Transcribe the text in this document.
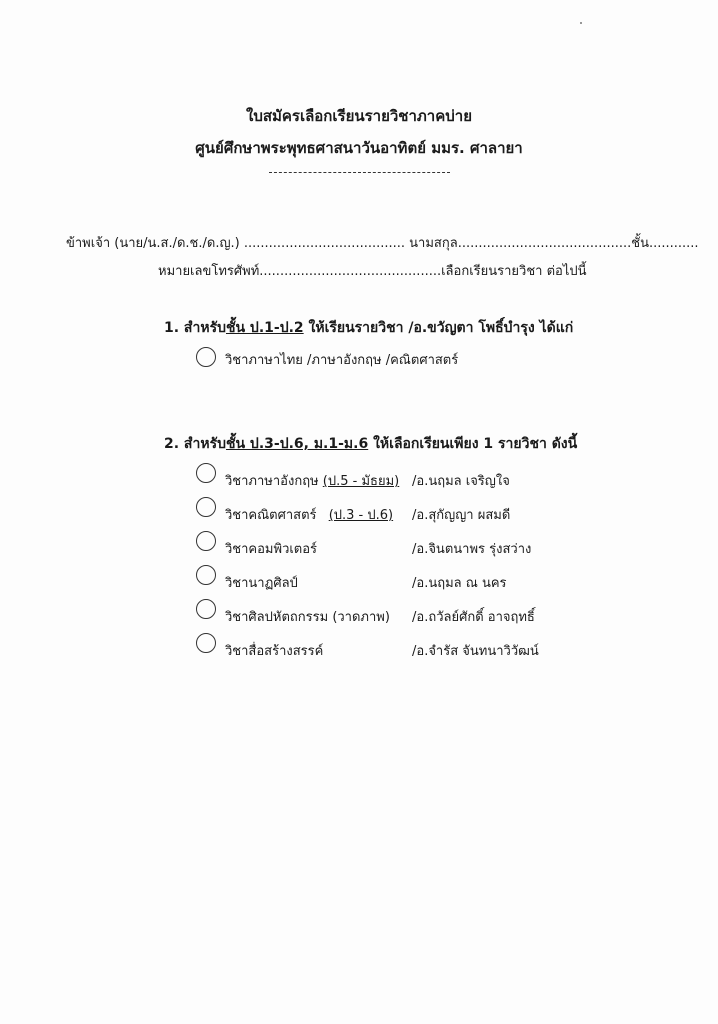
ใบสมัครเลือกเรียนรายวิชาภาคบ่าย
ศูนย์ศึกษาพระพุทธศาสนาวันอาทิตย์ มมร. ศาลายา
ข้าพเจ้า (นาย/น.ส./ด.ช./ด.ญ.) ....................................... นามสกุล..........................................ชั้น............
หมายเลขโทรศัพท์............................................เลือกเรียนรายวิชา ต่อไปนี้
1. สำหรับชั้น ป.1-ป.2 ให้เรียนรายวิชา /อ.ขวัญตา โพธิ์บำรุง ได้แก่
วิชาภาษาไทย /ภาษาอังกฤษ /คณิตศาสตร์
2. สำหรับชั้น ป.3-ป.6, ม.1-ม.6 ให้เลือกเรียนเพียง 1 รายวิชา ดังนี้
วิชาภาษาอังกฤษ (ป.5 - มัธยม) /อ.นฤมล เจริญใจ
วิชาคณิตศาสตร์ (ป.3 - ป.6) /อ.สุกัญญา ผสมดี
วิชาคอมพิวเตอร์	/อ.จินตนาพร รุ่งสว่าง
วิชานาฏศิลป์	/อ.นฤมล ณ นคร
วิชาศิลปหัตถกรรม (วาดภาพ) /อ.ถวัลย์ศักดิ์ อาจฤทธิ์
วิชาสื่อสร้างสรรค์	/อ.จำรัส จันทนาวิวัฒน์
